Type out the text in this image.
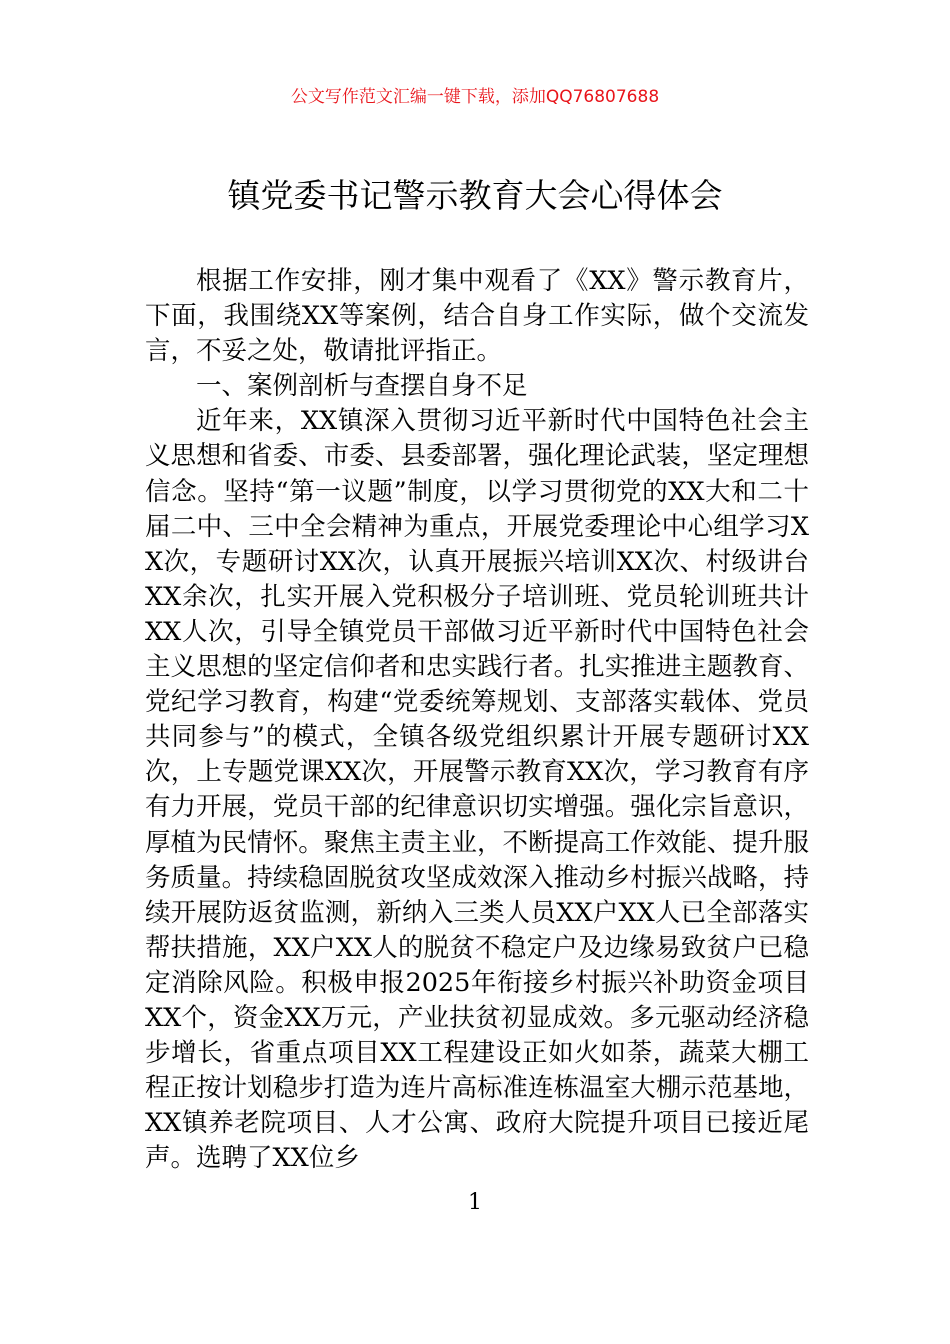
公文写作范文汇编一键下载，添加QQ76807688
镇党委书记警示教育大会心得体会

根据工作安排，刚才集中观看了《XX》警示教育片，下面，我围绕XX等案例，结合自身工作实际，做个交流发言，不妥之处，敬请批评指正。

一、案例剖析与查摆自身不足

近年来，XX镇深入贯彻习近平新时代中国特色社会主义思想和省委、市委、县委部署，强化理论武装，坚定理想信念。坚持“第一议题”制度，以学习贯彻党的XX大和二十届二中、三中全会精神为重点，开展党委理论中心组学习XX次，专题研讨XX次，认真开展振兴培训XX次、村级讲台XX余次，扎实开展入党积极分子培训班、党员轮训班共计XX人次，引导全镇党员干部做习近平新时代中国特色社会主义思想的坚定信仰者和忠实践行者。扎实推进主题教育、党纪学习教育，构建“党委统筹规划、支部落实载体、党员共同参与”的模式，全镇各级党组织累计开展专题研讨XX次，上专题党课XX次，开展警示教育XX次，学习教育有序有力开展，党员干部的纪律意识切实增强。强化宗旨意识，厚植为民情怀。聚焦主责主业，不断提高工作效能、提升服务质量。持续稳固脱贫攻坚成效深入推动乡村振兴战略，持续开展防返贫监测，新纳入三类人员XX户XX人已全部落实帮扶措施，XX户XX人的脱贫不稳定户及边缘易致贫户已稳定消除风险。积极申报2025年衔接乡村振兴补助资金项目XX个，资金XX万元，产业扶贫初显成效。多元驱动经济稳步增长，省重点项目XX工程建设正如火如荼，蔬菜大棚工程正按计划稳步打造为连片高标准连栋温室大棚示范基地，XX镇养老院项目、人才公寓、政府大院提升项目已接近尾声。选聘了XX位乡

1
